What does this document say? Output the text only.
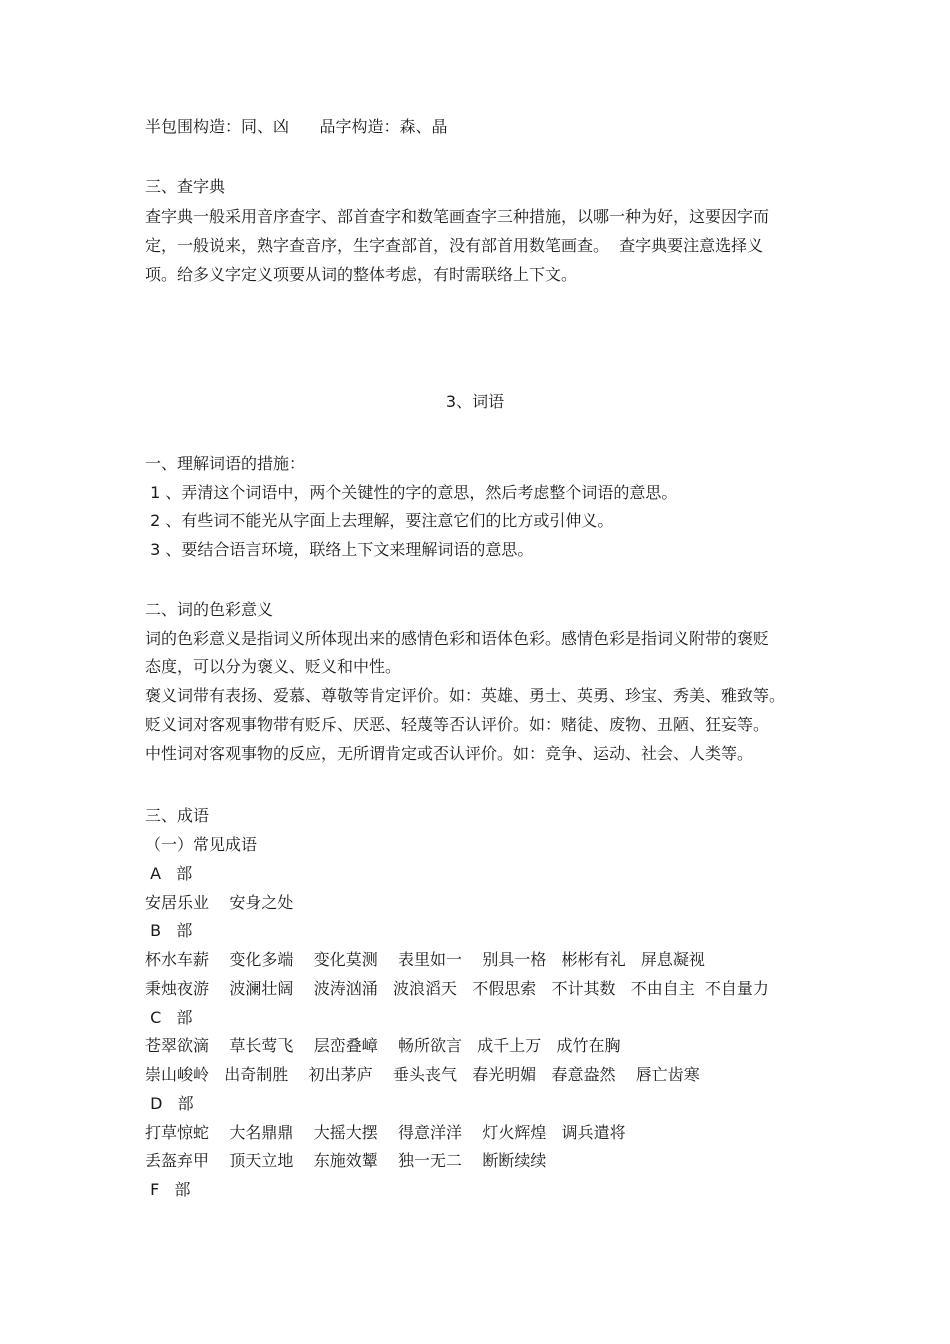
半包围构造：同、凶      品字构造：森、晶
三、查字典
查字典一般采用音序查字、部首查字和数笔画查字三种措施，以哪一种为好，这要因字而
定，一般说来，熟字查音序，生字查部首，没有部首用数笔画查。  查字典要注意选择义
项。给多义字定义项要从词的整体考虑，有时需联络上下文。
3、词语
一、理解词语的措施：
1 、弄清这个词语中，两个关键性的字的意思，然后考虑整个词语的意思。
2 、有些词不能光从字面上去理解，要注意它们的比方或引伸义。
3 、要结合语言环境，联络上下文来理解词语的意思。
二、词的色彩意义
词的色彩意义是指词义所体现出来的感情色彩和语体色彩。感情色彩是指词义附带的褒贬
态度，可以分为褒义、贬义和中性。
褒义词带有表扬、爱慕、尊敬等肯定评价。如：英雄、勇士、英勇、珍宝、秀美、雅致等。
贬义词对客观事物带有贬斥、厌恶、轻蔑等否认评价。如：赌徒、废物、丑陋、狂妄等。
中性词对客观事物的反应，无所谓肯定或否认评价。如：竞争、运动、社会、人类等。
三、成语
（一）常见成语
A   部
安居乐业    安身之处
B   部
杯水车薪    变化多端    变化莫测    表里如一    别具一格   彬彬有礼   屏息凝视
秉烛夜游    波澜壮阔    波涛汹涌   波浪滔天   不假思索   不计其数   不由自主  不自量力
C   部
苍翠欲滴    草长莺飞    层峦叠嶂    畅所欲言   成千上万   成竹在胸
崇山峻岭   出奇制胜    初出茅庐    垂头丧气   春光明媚   春意盎然    唇亡齿寒
D   部
打草惊蛇    大名鼎鼎    大摇大摆    得意洋洋    灯火辉煌   调兵遣将
丢盔弃甲    顶天立地    东施效颦    独一无二    断断续续
F   部
